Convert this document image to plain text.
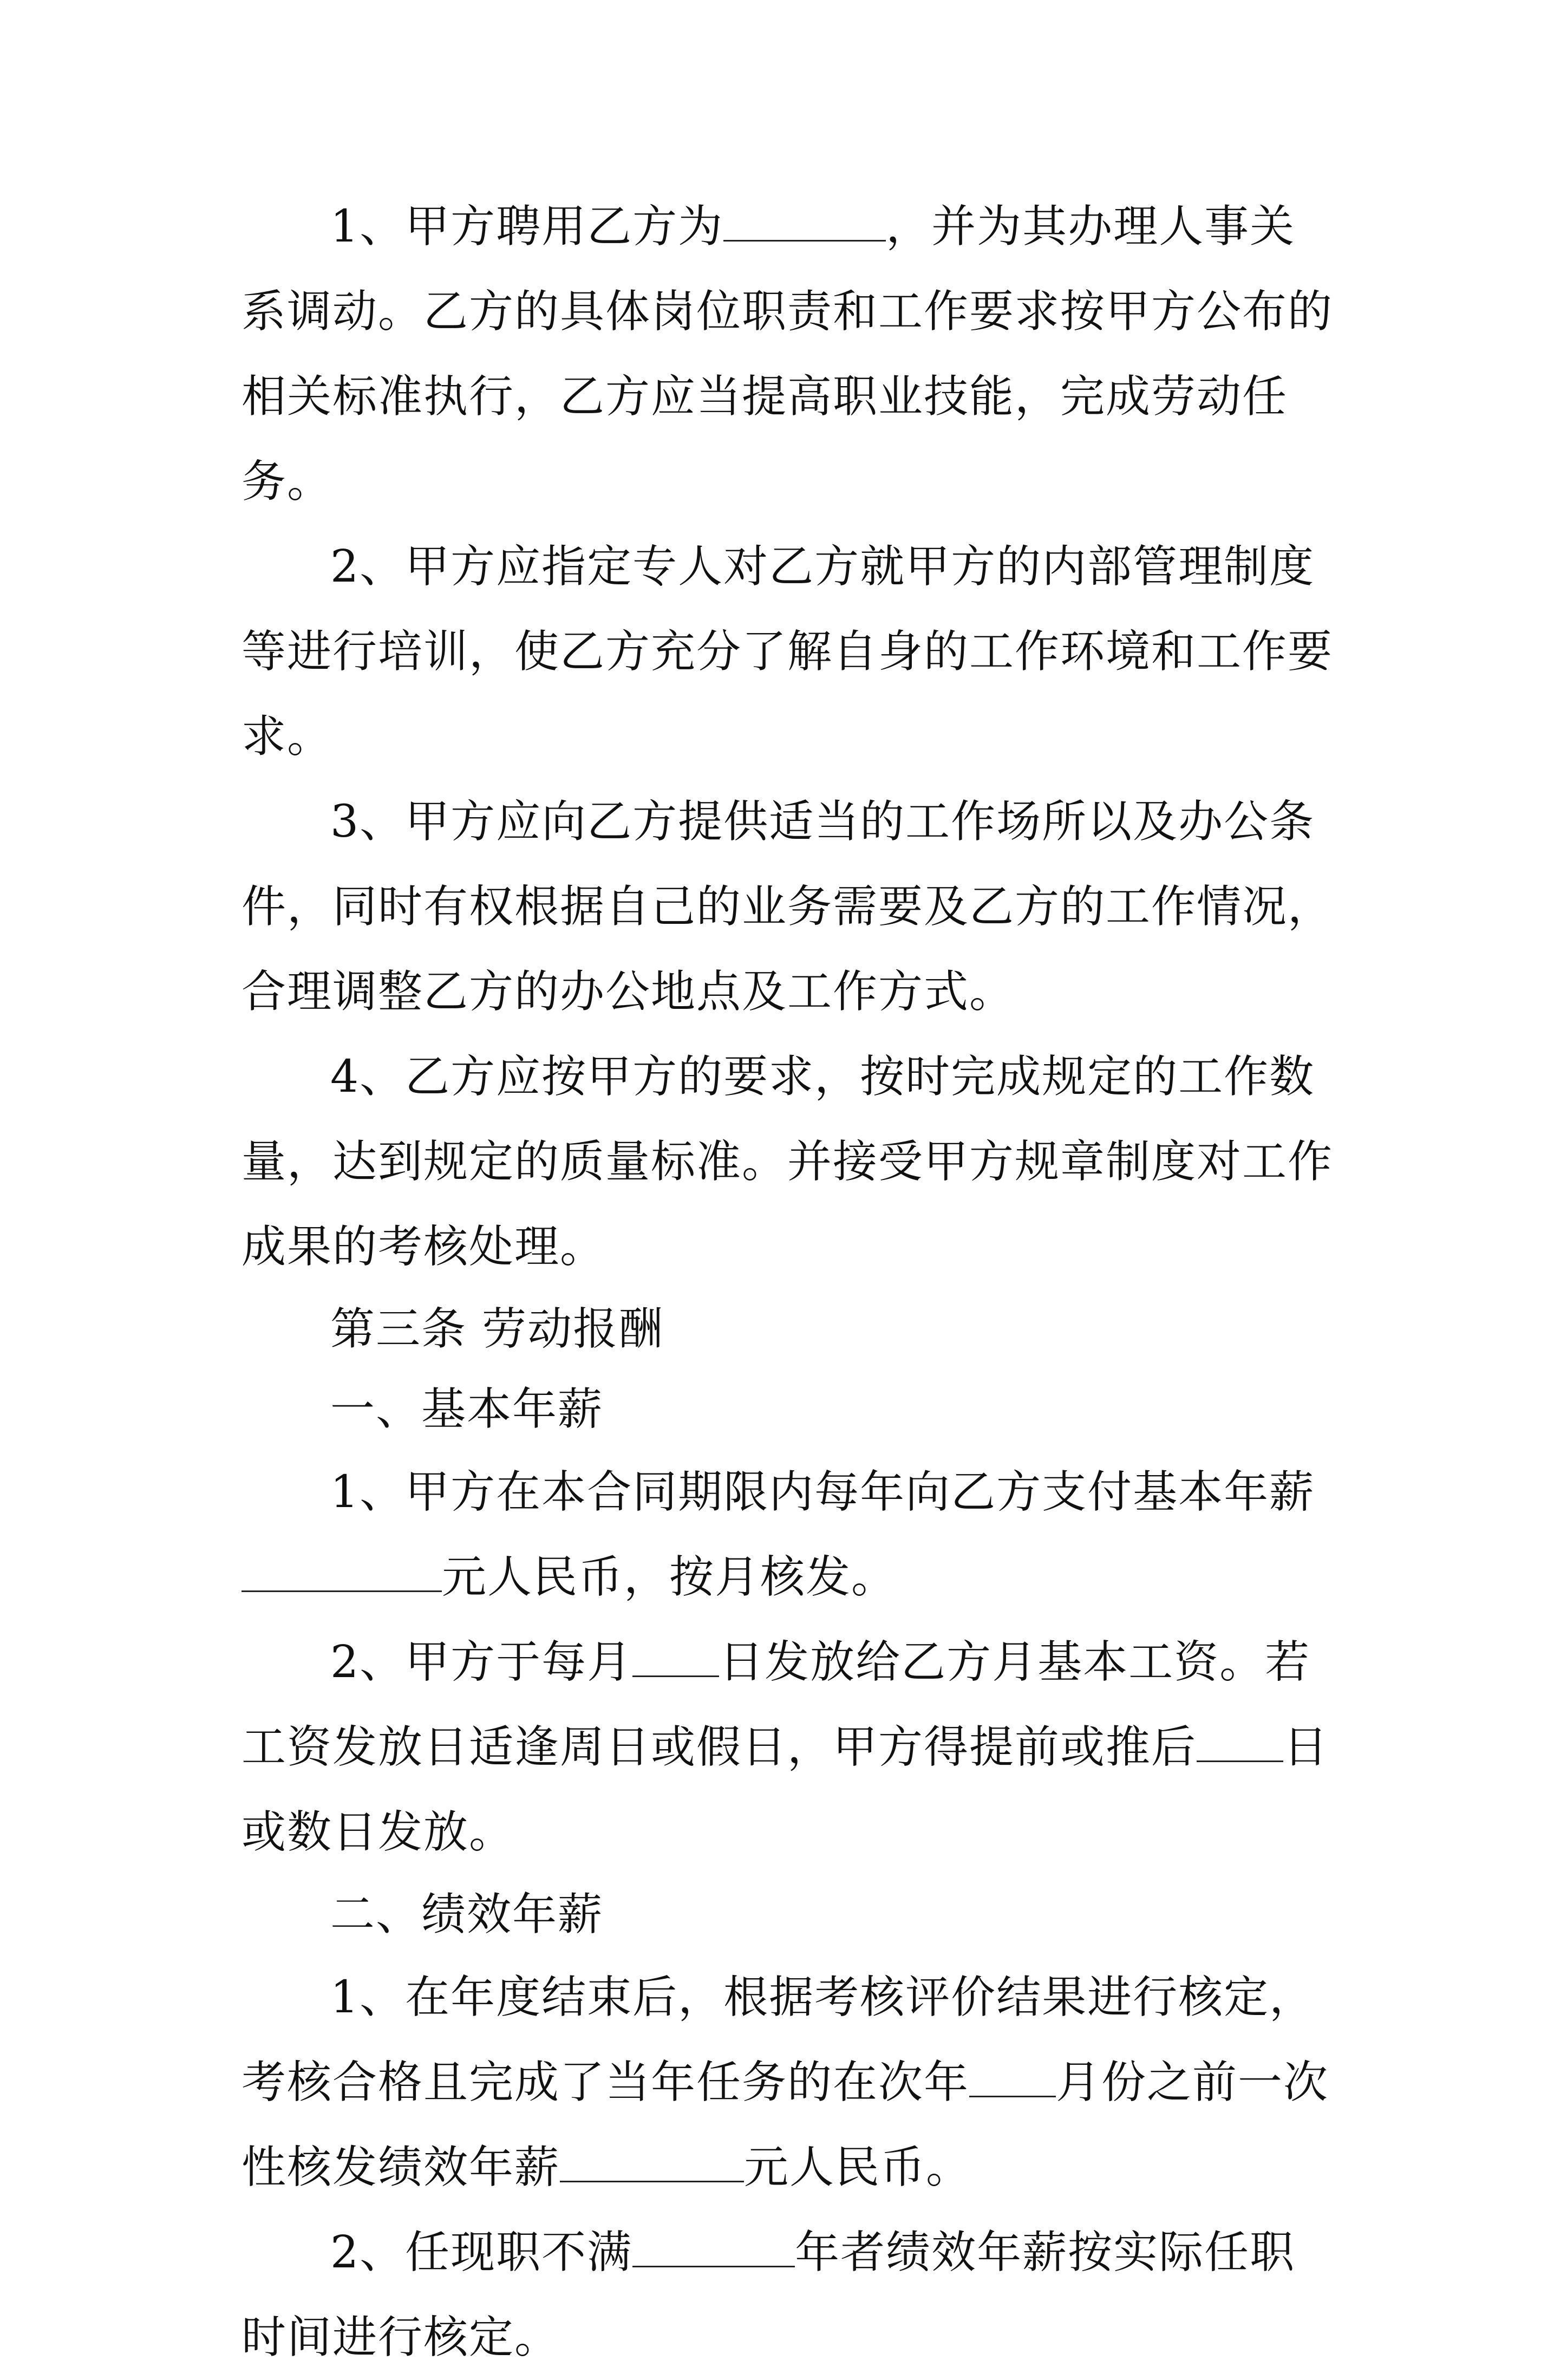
1、甲方聘用乙方为	，并为其办理人事关系调动。乙方的具体岗位职责和工作要求按甲方公布的相关标准执行，乙方应当提高职业技能，完成劳动任务。

2、甲方应指定专人对乙方就甲方的内部管理制度等进行培训，使乙方充分了解自身的工作环境和工作要求。

3、甲方应向乙方提供适当的工作场所以及办公条件，同时有权根据自己的业务需要及乙方的工作情况，合理调整乙方的办公地点及工作方式。

4、乙方应按甲方的要求，按时完成规定的工作数量，达到规定的质量标准。并接受甲方规章制度对工作成果的考核处理。

第三条 劳动报酬

一、基本年薪

1、甲方在本合同期限内每年向乙方支付基本年薪元人民币，按月核发。

2、甲方于每月 日发放给乙方月基本工资。若工资发放日适逢周日或假日，甲方得提前或推后 日或数日发放。

二、绩效年薪

1、在年度结束后，根据考核评价结果进行核定，考核合格且完成了当年任务的在次年 月份之前一次性核发绩效年薪	元人民币。

2、任现职不满	年者绩效年薪按实际任职时间进行核定。
